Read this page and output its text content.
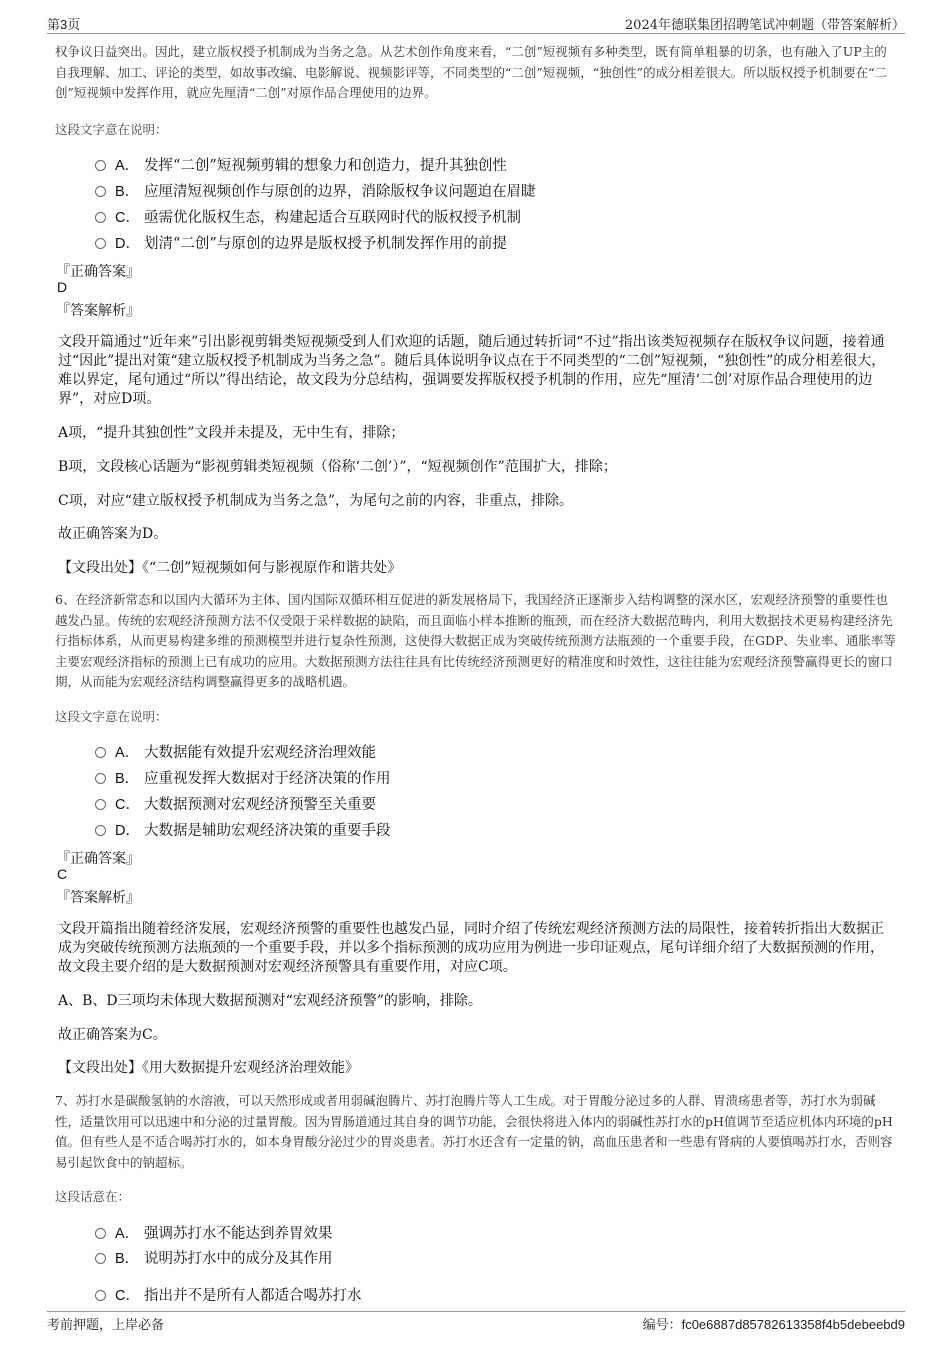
第3页	2024年德联集团招聘笔试冲刺题（带答案解析）

权争议日益突出。因此，建立版权授予机制成为当务之急。从艺术创作角度来看，“二创”短视频有多种类型，既有简单粗暴的切条，也有融入了UP主的自我理解、加工、评论的类型，如故事改编、电影解说、视频影评等，不同类型的“二创”短视频，“独创性”的成分相差很大。所以版权授予机制要在“二创”短视频中发挥作用，就应先厘清“二创”对原作品合理使用的边界。

这段文字意在说明：

A． 发挥“二创”短视频剪辑的想象力和创造力，提升其独创性
B． 应厘清短视频创作与原创的边界，消除版权争议问题迫在眉睫
C． 亟需优化版权生态，构建起适合互联网时代的版权授予机制
D． 划清“二创”与原创的边界是版权授予机制发挥作用的前提

『正确答案』

D

『答案解析』

文段开篇通过“近年来”引出影视剪辑类短视频受到人们欢迎的话题，随后通过转折词“不过”指出该类短视频存在版权争议问题，接着通过“因此”提出对策“建立版权授予机制成为当务之急”。随后具体说明争议点在于不同类型的“二创”短视频，“独创性”的成分相差很大，难以界定，尾句通过“所以”得出结论，故文段为分总结构，强调要发挥版权授予机制的作用，应先“厘清‘二创’对原作品合理使用的边界”，对应D项。

A项，“提升其独创性”文段并未提及，无中生有，排除；

B项，文段核心话题为“影视剪辑类短视频（俗称‘二创’）”，“短视频创作”范围扩大，排除；

C项，对应“建立版权授予机制成为当务之急”，为尾句之前的内容，非重点，排除。

故正确答案为D。

【文段出处】《“二创”短视频如何与影视原作和谐共处》

6、在经济新常态和以国内大循环为主体、国内国际双循环相互促进的新发展格局下，我国经济正逐渐步入结构调整的深水区，宏观经济预警的重要性也越发凸显。传统的宏观经济预测方法不仅受限于采样数据的缺陷，而且面临小样本推断的瓶颈，而在经济大数据范畴内，利用大数据技术更易构建经济先行指标体系，从而更易构建多维的预测模型并进行复杂性预测，这使得大数据正成为突破传统预测方法瓶颈的一个重要手段，在GDP、失业率、通胀率等主要宏观经济指标的预测上已有成功的应用。大数据预测方法往往具有比传统经济预测更好的精准度和时效性，这往往能为宏观经济预警赢得更长的窗口期，从而能为宏观经济结构调整赢得更多的战略机遇。

这段文字意在说明：

A． 大数据能有效提升宏观经济治理效能
B． 应重视发挥大数据对于经济决策的作用
C． 大数据预测对宏观经济预警至关重要
D． 大数据是辅助宏观经济决策的重要手段

『正确答案』

C

『答案解析』

文段开篇指出随着经济发展，宏观经济预警的重要性也越发凸显，同时介绍了传统宏观经济预测方法的局限性，接着转折指出大数据正成为突破传统预测方法瓶颈的一个重要手段，并以多个指标预测的成功应用为例进一步印证观点，尾句详细介绍了大数据预测的作用，故文段主要介绍的是大数据预测对宏观经济预警具有重要作用，对应C项。

A、B、D三项均未体现大数据预测对“宏观经济预警”的影响，排除。

故正确答案为C。

【文段出处】《用大数据提升宏观经济治理效能》

7、苏打水是碳酸氢钠的水溶液，可以天然形成或者用弱碱泡腾片、苏打泡腾片等人工生成。对于胃酸分泌过多的人群、胃溃疡患者等，苏打水为弱碱性，适量饮用可以迅速中和分泌的过量胃酸。因为胃肠道通过其自身的调节功能，会很快将进入体内的弱碱性苏打水的pH值调节至适应机体内环境的pH值。但有些人是不适合喝苏打水的，如本身胃酸分泌过少的胃炎患者。苏打水还含有一定量的钠，高血压患者和一些患有肾病的人要慎喝苏打水，否则容易引起饮食中的钠超标。

这段话意在：

A． 强调苏打水不能达到养胃效果
B． 说明苏打水中的成分及其作用
C． 指出并不是所有人都适合喝苏打水
考前押题，上岸必备	编号：fc0e6887d85782613358f4b5debeebd9
